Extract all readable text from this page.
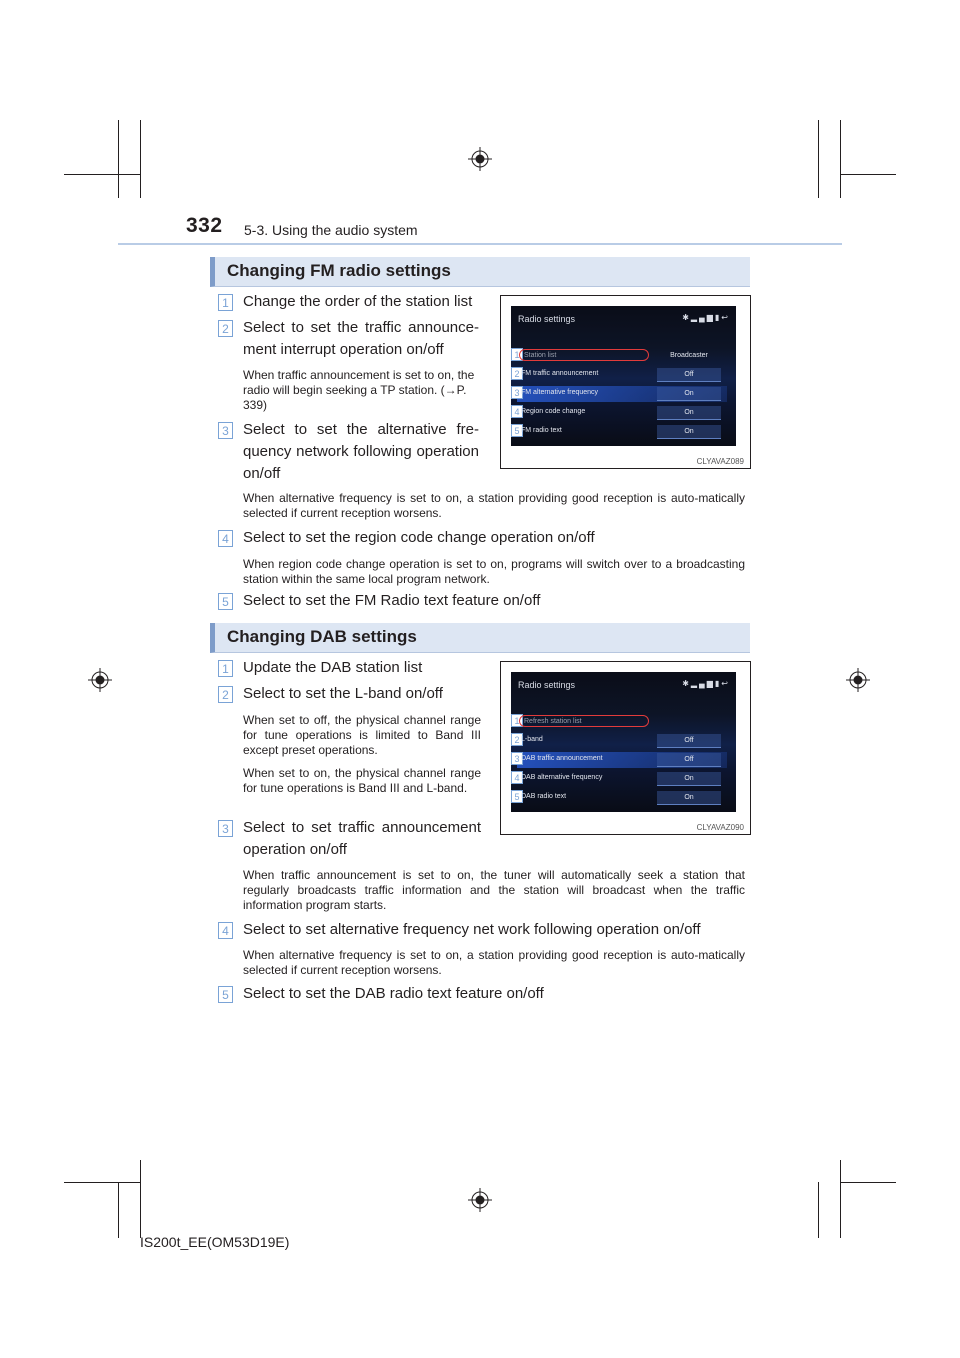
332 5-3. Using the audio system
Changing FM radio settings
1 Change the order of the station list
2 Select to set the traffic announce-ment interrupt operation on/off
When traffic announcement is set to on, the radio will begin seeking a TP station. (→P. 339)
3 Select to set the alternative fre-quency network following operation on/off
When alternative frequency is set to on, a station providing good reception is auto-matically selected if current reception worsens.
4 Select to set the region code change operation on/off
When region code change operation is set to on, programs will switch over to a broadcasting station within the same local program network.
5 Select to set the FM Radio text feature on/off
Radio settings	✱▂▄▆▮↩
1 Station list	Broadcaster
2 FM traffic announcement	Off
3 FM alternative frequency	On
4 Region code change	On
5 FM radio text	On
CLYAVAZ089
Changing DAB settings
1 Update the DAB station list
2 Select to set the L-band on/off
When set to off, the physical channel range for tune operations is limited to Band III except preset operations.
When set to on, the physical channel range for tune operations is Band III and L-band.
3 Select to set traffic announcement operation on/off
When traffic announcement is set to on, the tuner will automatically seek a station that regularly broadcasts traffic information and the station will broadcast when the traffic information program starts.
4 Select to set alternative frequency net work following operation on/off
When alternative frequency is set to on, a station providing good reception is auto-matically selected if current reception worsens.
5 Select to set the DAB radio text feature on/off
Radio settings	✱▂▄▆▮↩
1 Refresh station list
2 L-band	Off
3 DAB traffic announcement	Off
4 DAB alternative frequency	On
5 DAB radio text	On
CLYAVAZ090
IS200t_EE(OM53D19E)
